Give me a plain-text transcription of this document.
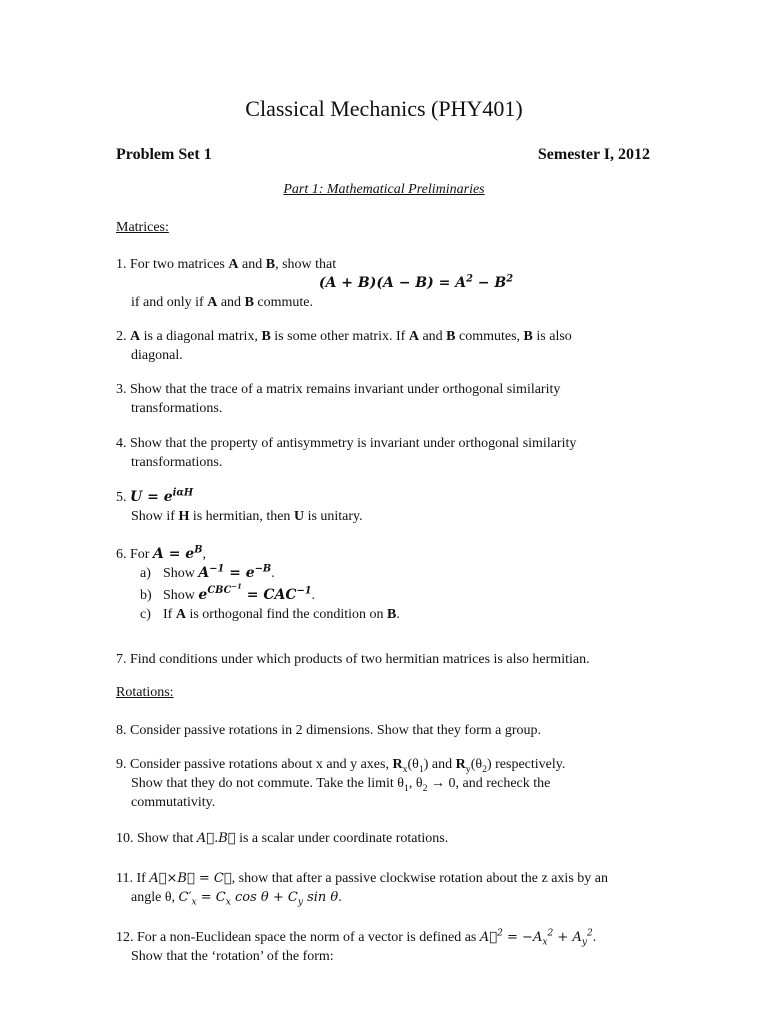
Classical Mechanics (PHY401)
Problem Set 1	Semester I, 2012
Part 1: Mathematical Preliminaries
Matrices:
1. For two matrices A and B, show that

$(A + B)(A - B) = A^2 - B^2$
if and only if A and B commute.
2. A is a diagonal matrix, B is some other matrix. If A and B commutes, B is also
diagonal.
3. Show that the trace of a matrix remains invariant under orthogonal similarity
transformations.
4. Show that the property of antisymmetry is invariant under orthogonal similarity
transformations.
5. $U = e^{i\alpha H}$
Show if H is hermitian, then U is unitary.
6. For $A = e^B$,

a) Show $A^{-1} = e^{-B}$.
b) Show $e^{CBC^{-1}} = CAC^{-1}$.
c) If A is orthogonal find the condition on B.
7. Find conditions under which products of two hermitian matrices is also hermitian.
Rotations:
8. Consider passive rotations in 2 dimensions. Show that they form a group.
9. Consider passive rotations about x and y axes, $R_x(\theta_1)$ and $R_y(\theta_2)$ respectively.
Show that they do not commute. Take the limit $\theta_1$, $\theta_2 \to 0$, and recheck the
commutativity.
10. Show that A⃗.B⃗ is a scalar under coordinate rotations.
11. If A⃗×B⃗ = C⃗, show that after a passive clockwise rotation about the z axis by an
angle θ, $C'_x = C_x$ $\cos \theta + C_y$ sin θ.
12. For a non-Euclidean space the norm of a vector is defined as A⃗$^2$ = $-A_x^2 + A_y^2$.
Show that the ‘rotation’ of the form:
